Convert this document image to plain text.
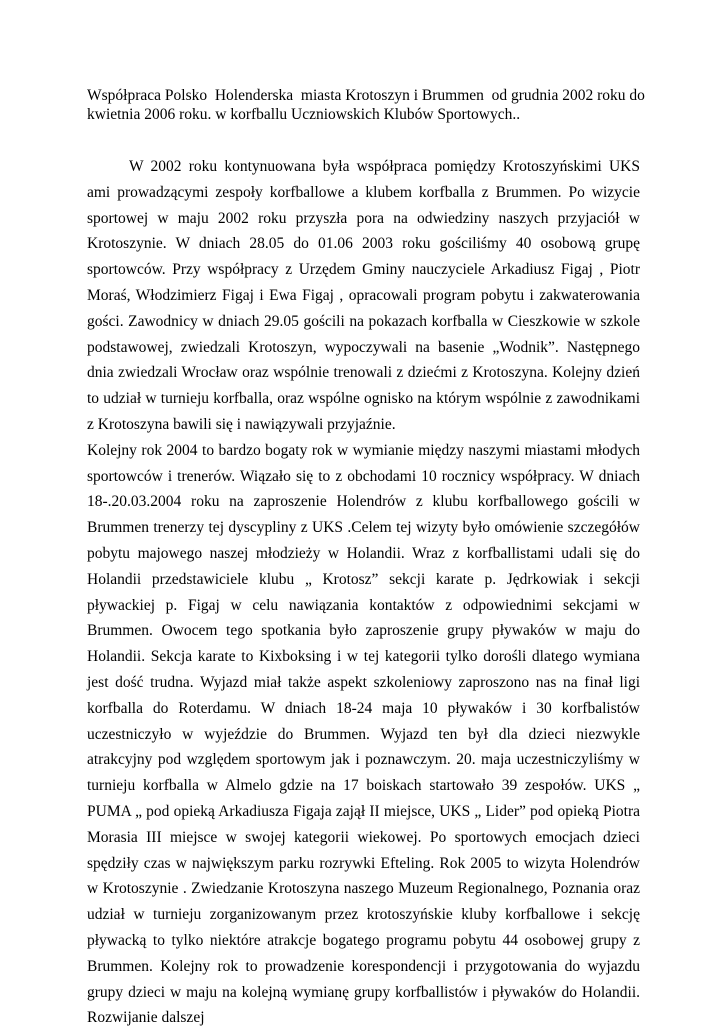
Współpraca Polsko  Holenderska  miasta Krotoszyn i Brummen  od grudnia 2002 roku do kwietnia 2006 roku. w korfballu Uczniowskich Klubów Sportowych..

W 2002 roku kontynuowana była współpraca pomiędzy Krotoszyńskimi UKS ami prowadzącymi zespoły korfballowe a klubem korfballa z Brummen. Po wizycie sportowej w maju 2002 roku przyszła pora na odwiedziny naszych przyjaciół w Krotoszynie. W dniach 28.05 do 01.06 2003 roku gościliśmy 40 osobową grupę sportowców. Przy współpracy z Urzędem Gminy nauczyciele Arkadiusz Figaj , Piotr Moraś, Włodzimierz Figaj i Ewa Figaj , opracowali program pobytu i zakwaterowania gości. Zawodnicy w dniach 29.05 gościli na pokazach korfballa w Cieszkowie w szkole podstawowej, zwiedzali Krotoszyn, wypoczywali na basenie „Wodnik”. Następnego dnia zwiedzali Wrocław oraz wspólnie trenowali z dziećmi z Krotoszyna. Kolejny dzień to udział w turnieju korfballa, oraz wspólne ognisko na którym wspólnie z zawodnikami z Krotoszyna bawili się i nawiązywali przyjaźnie.

Kolejny rok 2004 to bardzo bogaty rok w wymianie między naszymi miastami młodych sportowców i trenerów. Wiązało się to z obchodami 10 rocznicy współpracy. W dniach 18-.20.03.2004 roku na zaproszenie Holendrów z klubu korfballowego gościli w Brummen trenerzy tej dyscypliny z UKS .Celem tej wizyty było omówienie szczegółów pobytu majowego naszej młodzieży w Holandii. Wraz z korfballistami udali się do Holandii przedstawiciele klubu „ Krotosz” sekcji karate p. Jędrkowiak i sekcji pływackiej p. Figaj w celu nawiązania kontaktów z odpowiednimi sekcjami w Brummen. Owocem tego spotkania było zaproszenie grupy pływaków w maju do Holandii. Sekcja karate to Kixboksing i w tej kategorii tylko dorośli dlatego wymiana jest dość trudna. Wyjazd miał także aspekt szkoleniowy zaproszono nas na finał ligi korfballa do Roterdamu. W dniach 18-24 maja 10 pływaków i 30 korfbalistów uczestniczyło w wyjeździe do Brummen. Wyjazd ten był dla dzieci niezwykle atrakcyjny pod względem sportowym jak i poznawczym. 20. maja uczestniczyliśmy w turnieju korfballa w Almelo gdzie na 17 boiskach startowało 39 zespołów. UKS „ PUMA „ pod opieką Arkadiusza Figaja zajął II miejsce, UKS „ Lider” pod opieką Piotra Morasia III miejsce w swojej kategorii wiekowej. Po sportowych emocjach dzieci spędziły czas w największym parku rozrywki Efteling. Rok 2005 to wizyta Holendrów w Krotoszynie . Zwiedzanie Krotoszyna naszego Muzeum Regionalnego, Poznania oraz udział w turnieju zorganizowanym przez krotoszyńskie kluby korfballowe i sekcję pływacką to tylko niektóre atrakcje bogatego programu pobytu 44 osobowej grupy z Brummen. Kolejny rok to prowadzenie korespondencji i przygotowania do wyjazdu grupy dzieci w maju na kolejną wymianę grupy korfballistów i pływaków do Holandii. Rozwijanie dalszej
